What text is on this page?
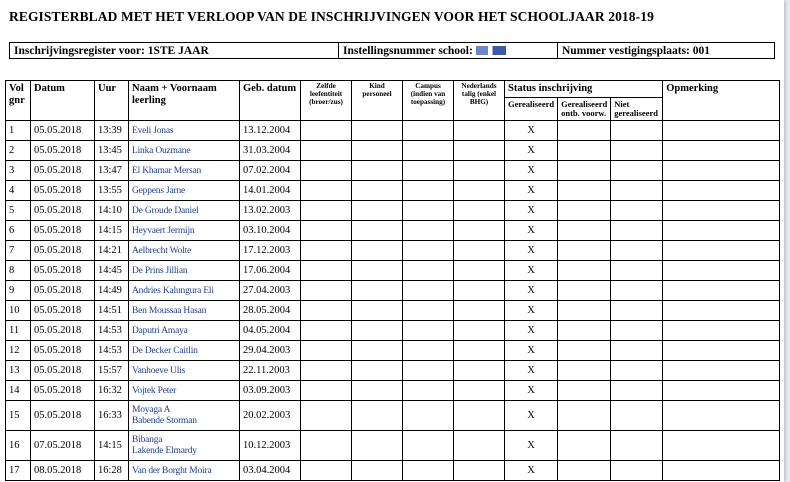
REGISTERBLAD MET HET VERLOOP VAN DE INSCHRIJVINGEN VOOR HET SCHOOLJAAR 2018-19
Inschrijvingsregister voor: 1STE JAAR	Instellingsnummer school:	Nummer vestigingsplaats: 001
Vol gnr	Datum	Uur	Naam + Voornaam leerling	Geb. datum	Zelfde leefentiteit (broer/zus)	Kind personeel	Campus (indien van toepassing)	Nederlands talig (enkel BHG)	Status inschrijving			Opmerking
									Gerealiseerd	Gerealiseerd ontb. voorw.	Niet gerealiseerd	
1	05.05.2018	13:39	Eveli Jonas	13.12.2004					X			
2	05.05.2018	13:45	Linka Ouzmane	31.03.2004					X			
3	05.05.2018	13:47	El Khamar Mersan	07.02.2004					X			
4	05.05.2018	13:55	Geppens Jarne	14.01.2004					X			
5	05.05.2018	14:10	De Groude Daniel	13.02.2003					X			
6	05.05.2018	14:15	Heyvaert Jermijn	03.10.2004					X			
7	05.05.2018	14:21	Aelbrecht Wolte	17.12.2003					X			
8	05.05.2018	14:45	De Prins Jillian	17.06.2004					X			
9	05.05.2018	14:49	Andries Kalungura Eli	27.04.2003					X			
10	05.05.2018	14:51	Ben Moussaa Hasan	28.05.2004					X			
11	05.05.2018	14:53	Daputri Amaya	04.05.2004					X			
12	05.05.2018	14:53	De Decker Caitlin	29.04.2003					X			
13	05.05.2018	15:57	Vanhoeve Ulis	22.11.2003					X			
14	05.05.2018	16:32	Vojtek Peter	03.09.2003					X			
15	05.05.2018	16:33	Moyaga A
Babende Storman	20.02.2003					X			
16	07.05.2018	14:15	Bibanga
Lakende Elmardy	10.12.2003					X			
17	08.05.2018	16:28	Van der Borght Moira	03.04.2004					X			
